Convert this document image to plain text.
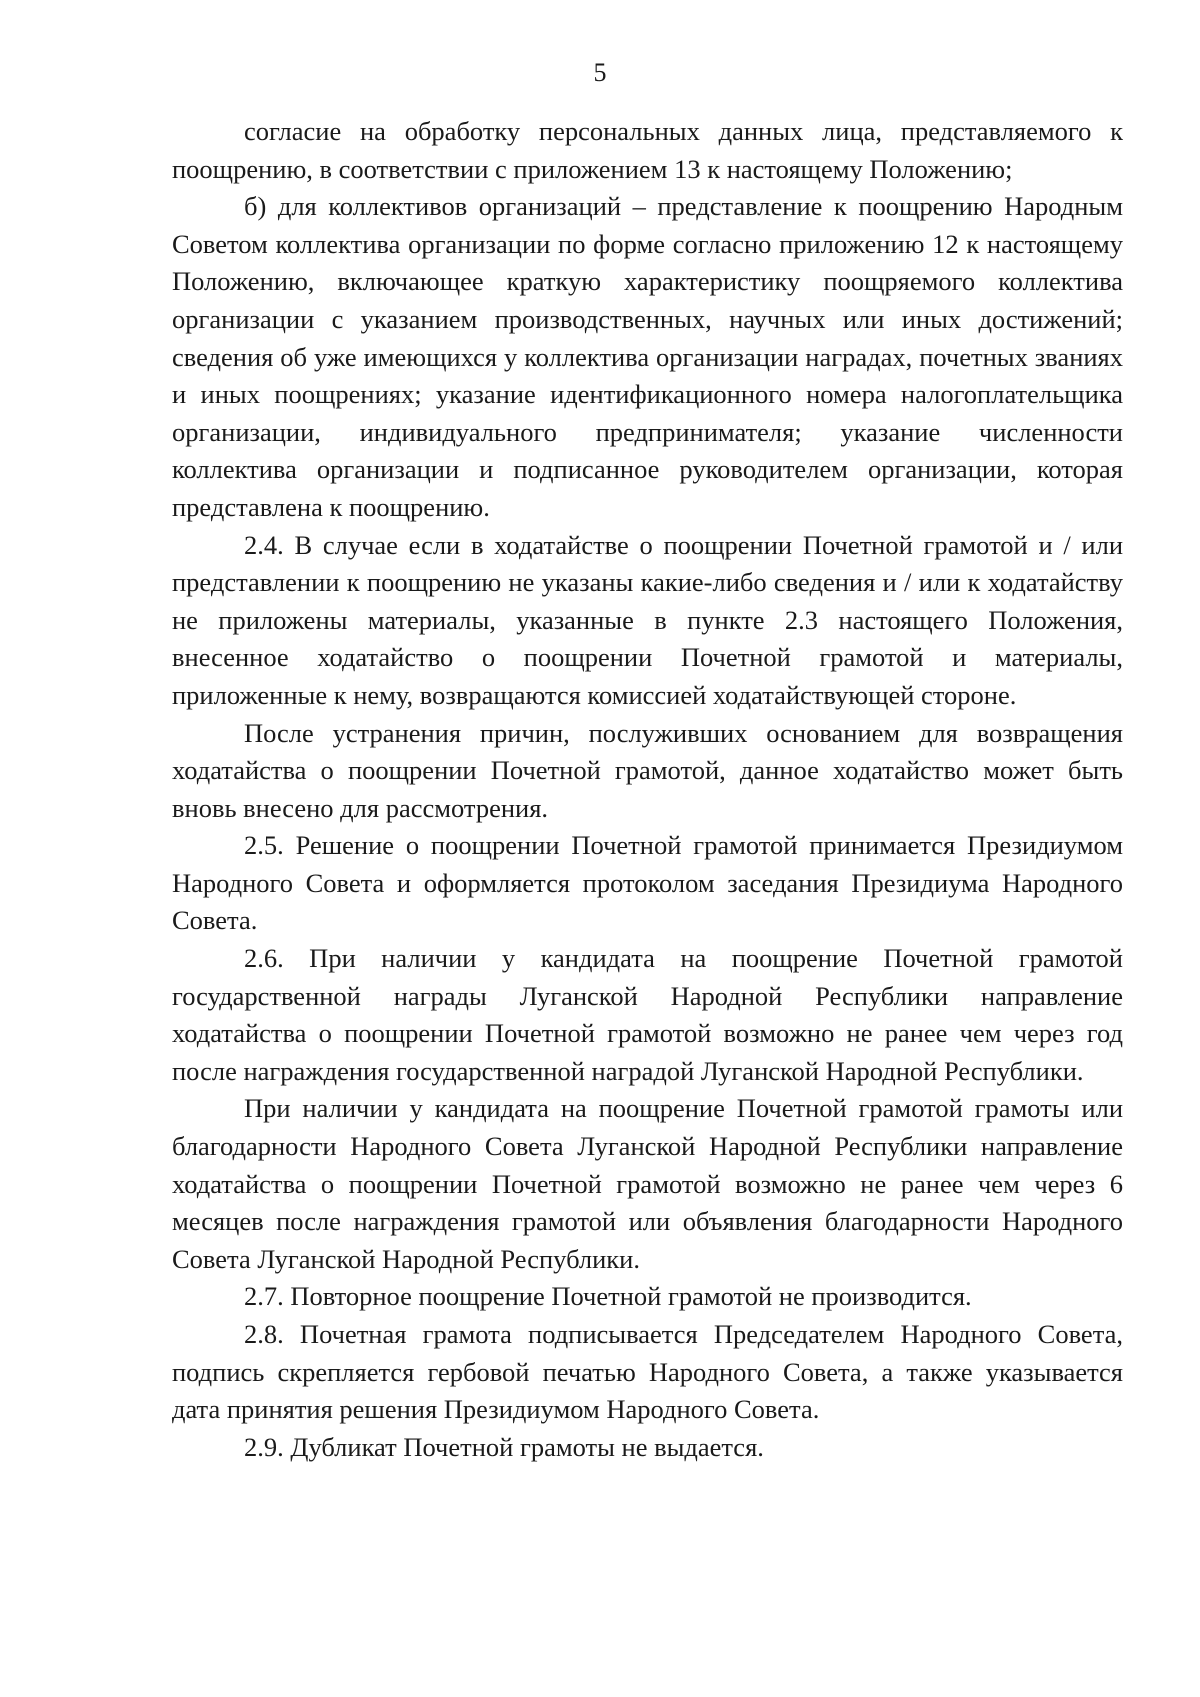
5

согласие на обработку персональных данных лица, представляемого к поощрению, в соответствии с приложением 13 к настоящему Положению;

б) для коллективов организаций – представление к поощрению Народным Советом коллектива организации по форме согласно приложению 12 к настоящему Положению, включающее краткую характеристику поощряемого коллектива организации с указанием производственных, научных или иных достижений; сведения об уже имеющихся у коллектива организации наградах, почетных званиях и иных поощрениях; указание идентификационного номера налогоплательщика организации, индивидуального предпринимателя; указание численности коллектива организации и подписанное руководителем организации, которая представлена к поощрению.

2.4. В случае если в ходатайстве о поощрении Почетной грамотой и / или представлении к поощрению не указаны какие-либо сведения и / или к ходатайству не приложены материалы, указанные в пункте 2.3 настоящего Положения, внесенное ходатайство о поощрении Почетной грамотой и материалы, приложенные к нему, возвращаются комиссией ходатайствующей стороне.

После устранения причин, послуживших основанием для возвращения ходатайства о поощрении Почетной грамотой, данное ходатайство может быть вновь внесено для рассмотрения.

2.5. Решение о поощрении Почетной грамотой принимается Президиумом Народного Совета и оформляется протоколом заседания Президиума Народного Совета.

2.6. При наличии у кандидата на поощрение Почетной грамотой государственной награды Луганской Народной Республики направление ходатайства о поощрении Почетной грамотой возможно не ранее чем через год после награждения государственной наградой Луганской Народной Республики.

При наличии у кандидата на поощрение Почетной грамотой грамоты или благодарности Народного Совета Луганской Народной Республики направление ходатайства о поощрении Почетной грамотой возможно не ранее чем через 6 месяцев после награждения грамотой или объявления благодарности Народного Совета Луганской Народной Республики.

2.7. Повторное поощрение Почетной грамотой не производится.

2.8. Почетная грамота подписывается Председателем Народного Совета, подпись скрепляется гербовой печатью Народного Совета, а также указывается дата принятия решения Президиумом Народного Совета.

2.9. Дубликат Почетной грамоты не выдается.
